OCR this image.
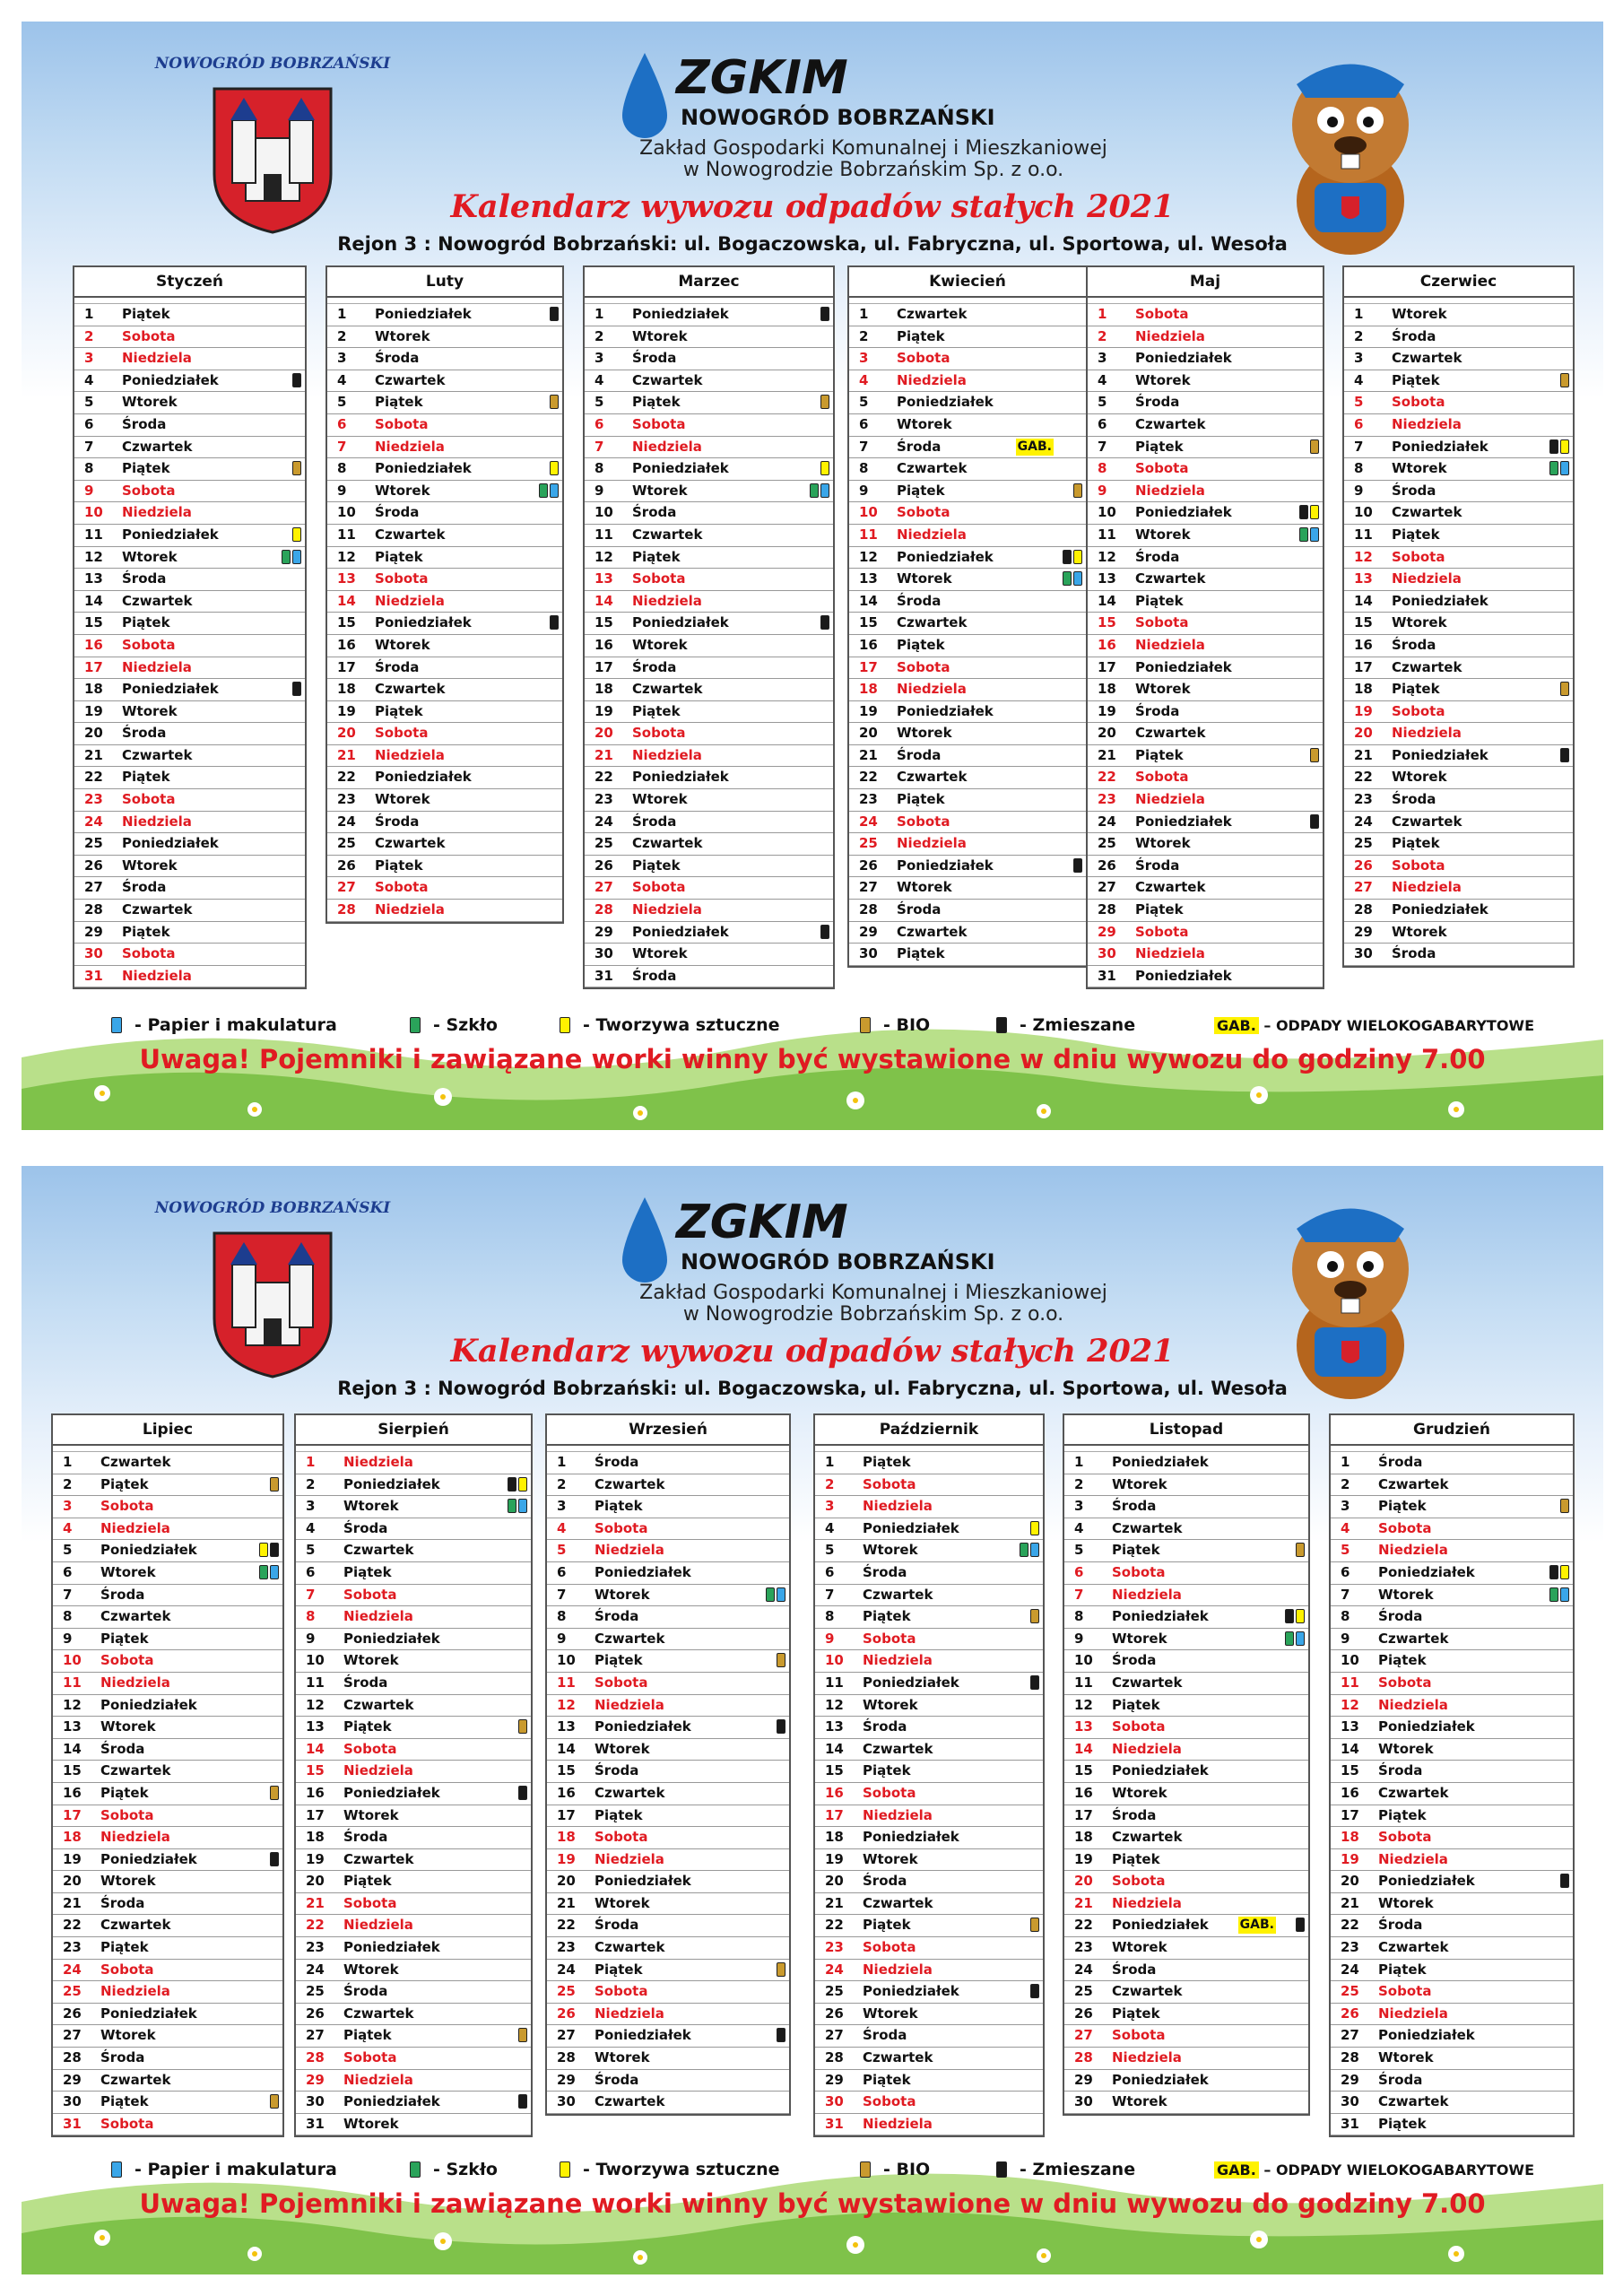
NOWOGRÓD BOBRZAŃSKI	ZGKIM
NOWOGRÓD BOBRZAŃSKI
Zakład Gospodarki Komunalnej i Mieszkaniowej
w Nowogrodzie Bobrzańskim Sp. z o.o.
Kalendarz wywozu odpadów stałych 2021
Rejon 3 : Nowogród Bobrzański: ul. Bogaczowska, ul. Fabryczna, ul. Sportowa, ul. Wesoła
Styczeń
1	Piątek
2	Sobota
3	Niedziela
4	Poniedziałek
5	Wtorek
6	Środa
7	Czwartek
8	Piątek
9	Sobota
10	Niedziela
11	Poniedziałek
12	Wtorek
13	Środa
14	Czwartek
15	Piątek
16	Sobota
17	Niedziela
18	Poniedziałek
19	Wtorek
20	Środa
21	Czwartek
22	Piątek
23	Sobota
24	Niedziela
25	Poniedziałek
26	Wtorek
27	Środa
28	Czwartek
29	Piątek
30	Sobota
31	Niedziela
Luty
1	Poniedziałek
2	Wtorek
3	Środa
4	Czwartek
5	Piątek
6	Sobota
7	Niedziela
8	Poniedziałek
9	Wtorek
10	Środa
11	Czwartek
12	Piątek
13	Sobota
14	Niedziela
15	Poniedziałek
16	Wtorek
17	Środa
18	Czwartek
19	Piątek
20	Sobota
21	Niedziela
22	Poniedziałek
23	Wtorek
24	Środa
25	Czwartek
26	Piątek
27	Sobota
28	Niedziela
Marzec
1	Poniedziałek
2	Wtorek
3	Środa
4	Czwartek
5	Piątek
6	Sobota
7	Niedziela
8	Poniedziałek
9	Wtorek
10	Środa
11	Czwartek
12	Piątek
13	Sobota
14	Niedziela
15	Poniedziałek
16	Wtorek
17	Środa
18	Czwartek
19	Piątek
20	Sobota
21	Niedziela
22	Poniedziałek
23	Wtorek
24	Środa
25	Czwartek
26	Piątek
27	Sobota
28	Niedziela
29	Poniedziałek
30	Wtorek
31	Środa
Kwiecień
1	Czwartek
2	Piątek
3	Sobota
4	Niedziela
5	Poniedziałek
6	Wtorek
7	Środa	GAB.
8	Czwartek
9	Piątek
10	Sobota
11	Niedziela
12	Poniedziałek
13	Wtorek
14	Środa
15	Czwartek
16	Piątek
17	Sobota
18	Niedziela
19	Poniedziałek
20	Wtorek
21	Środa
22	Czwartek
23	Piątek
24	Sobota
25	Niedziela
26	Poniedziałek
27	Wtorek
28	Środa
29	Czwartek
30	Piątek
Maj
1	Sobota
2	Niedziela
3	Poniedziałek
4	Wtorek
5	Środa
6	Czwartek
7	Piątek
8	Sobota
9	Niedziela
10	Poniedziałek
11	Wtorek
12	Środa
13	Czwartek
14	Piątek
15	Sobota
16	Niedziela
17	Poniedziałek
18	Wtorek
19	Środa
20	Czwartek
21	Piątek
22	Sobota
23	Niedziela
24	Poniedziałek
25	Wtorek
26	Środa
27	Czwartek
28	Piątek
29	Sobota
30	Niedziela
31	Poniedziałek
Czerwiec
1	Wtorek
2	Środa
3	Czwartek
4	Piątek
5	Sobota
6	Niedziela
7	Poniedziałek
8	Wtorek
9	Środa
10	Czwartek
11	Piątek
12	Sobota
13	Niedziela
14	Poniedziałek
15	Wtorek
16	Środa
17	Czwartek
18	Piątek
19	Sobota
20	Niedziela
21	Poniedziałek
22	Wtorek
23	Środa
24	Czwartek
25	Piątek
26	Sobota
27	Niedziela
28	Poniedziałek
29	Wtorek
30	Środa
- Papier i makulatura	- Szkło	- Tworzywa sztuczne	- BIO	- Zmieszane	GAB. – ODPADY WIELOKOGABARYTOWE
Uwaga! Pojemniki i zawiązane worki winny być wystawione w dniu wywozu do godziny 7.00
NOWOGRÓD BOBRZAŃSKI	ZGKIM
NOWOGRÓD BOBRZAŃSKI
Zakład Gospodarki Komunalnej i Mieszkaniowej
w Nowogrodzie Bobrzańskim Sp. z o.o.
Kalendarz wywozu odpadów stałych 2021
Rejon 3 : Nowogród Bobrzański: ul. Bogaczowska, ul. Fabryczna, ul. Sportowa, ul. Wesoła
Lipiec
1	Czwartek
2	Piątek
3	Sobota
4	Niedziela
5	Poniedziałek
6	Wtorek
7	Środa
8	Czwartek
9	Piątek
10	Sobota
11	Niedziela
12	Poniedziałek
13	Wtorek
14	Środa
15	Czwartek
16	Piątek
17	Sobota
18	Niedziela
19	Poniedziałek
20	Wtorek
21	Środa
22	Czwartek
23	Piątek
24	Sobota
25	Niedziela
26	Poniedziałek
27	Wtorek
28	Środa
29	Czwartek
30	Piątek
31	Sobota
Sierpień
1	Niedziela
2	Poniedziałek
3	Wtorek
4	Środa
5	Czwartek
6	Piątek
7	Sobota
8	Niedziela
9	Poniedziałek
10	Wtorek
11	Środa
12	Czwartek
13	Piątek
14	Sobota
15	Niedziela
16	Poniedziałek
17	Wtorek
18	Środa
19	Czwartek
20	Piątek
21	Sobota
22	Niedziela
23	Poniedziałek
24	Wtorek
25	Środa
26	Czwartek
27	Piątek
28	Sobota
29	Niedziela
30	Poniedziałek
31	Wtorek
Wrzesień
1	Środa
2	Czwartek
3	Piątek
4	Sobota
5	Niedziela
6	Poniedziałek
7	Wtorek
8	Środa
9	Czwartek
10	Piątek
11	Sobota
12	Niedziela
13	Poniedziałek
14	Wtorek
15	Środa
16	Czwartek
17	Piątek
18	Sobota
19	Niedziela
20	Poniedziałek
21	Wtorek
22	Środa
23	Czwartek
24	Piątek
25	Sobota
26	Niedziela
27	Poniedziałek
28	Wtorek
29	Środa
30	Czwartek
Październik
1	Piątek
2	Sobota
3	Niedziela
4	Poniedziałek
5	Wtorek
6	Środa
7	Czwartek
8	Piątek
9	Sobota
10	Niedziela
11	Poniedziałek
12	Wtorek
13	Środa
14	Czwartek
15	Piątek
16	Sobota
17	Niedziela
18	Poniedziałek
19	Wtorek
20	Środa
21	Czwartek
22	Piątek
23	Sobota
24	Niedziela
25	Poniedziałek
26	Wtorek
27	Środa
28	Czwartek
29	Piątek
30	Sobota
31	Niedziela
Listopad
1	Poniedziałek
2	Wtorek
3	Środa
4	Czwartek
5	Piątek
6	Sobota
7	Niedziela
8	Poniedziałek
9	Wtorek
10	Środa
11	Czwartek
12	Piątek
13	Sobota
14	Niedziela
15	Poniedziałek
16	Wtorek
17	Środa
18	Czwartek
19	Piątek
20	Sobota
21	Niedziela
22	Poniedziałek GAB.
23	Wtorek
24	Środa
25	Czwartek
26	Piątek
27	Sobota
28	Niedziela
29	Poniedziałek
30	Wtorek
Grudzień
1	Środa
2	Czwartek
3	Piątek
4	Sobota
5	Niedziela
6	Poniedziałek
7	Wtorek
8	Środa
9	Czwartek
10	Piątek
11	Sobota
12	Niedziela
13	Poniedziałek
14	Wtorek
15	Środa
16	Czwartek
17	Piątek
18	Sobota
19	Niedziela
20	Poniedziałek
21	Wtorek
22	Środa
23	Czwartek
24	Piątek
25	Sobota
26	Niedziela
27	Poniedziałek
28	Wtorek
29	Środa
30	Czwartek
31	Piątek
- Papier i makulatura	- Szkło	- Tworzywa sztuczne	- BIO	- Zmieszane	GAB. – ODPADY WIELOKOGABARYTOWE
Uwaga! Pojemniki i zawiązane worki winny być wystawione w dniu wywozu do godziny 7.00
